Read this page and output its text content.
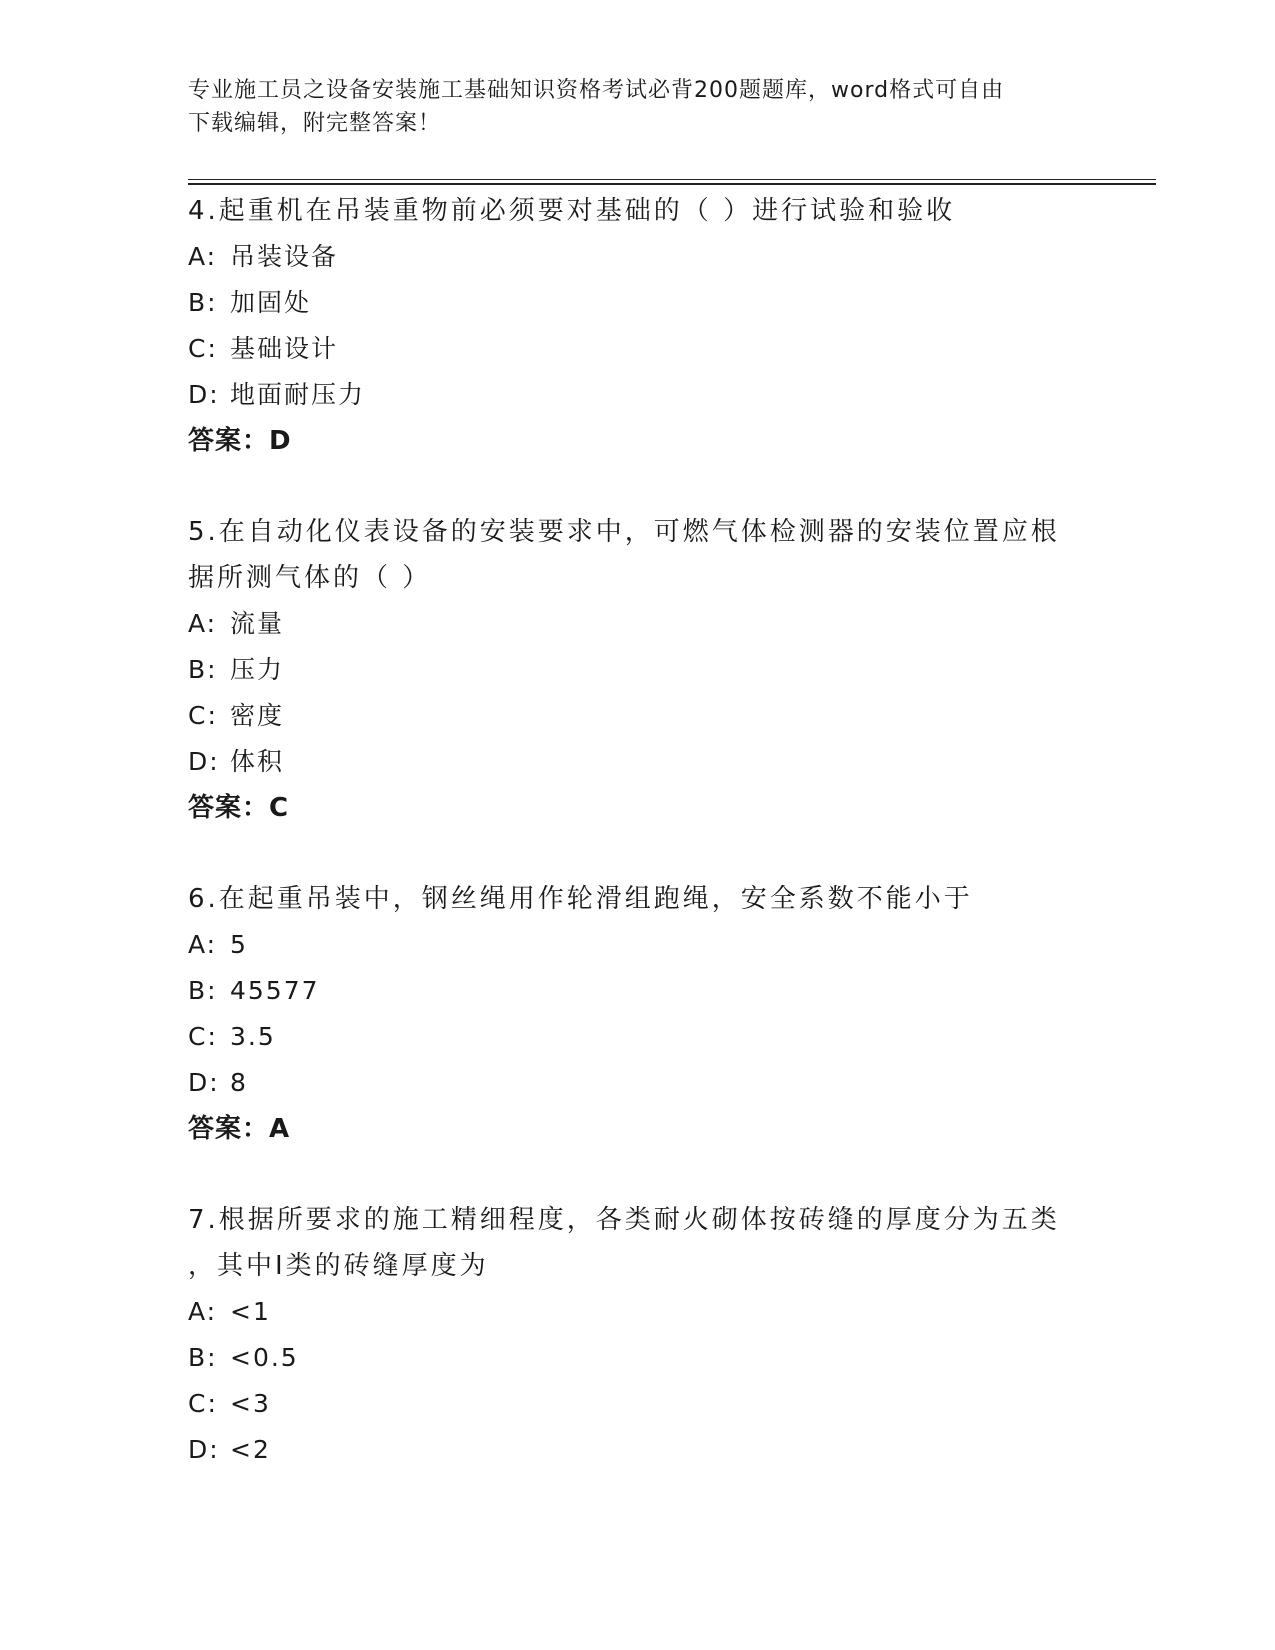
专业施工员之设备安装施工基础知识资格考试必背200题题库，word格式可自由
下载编辑，附完整答案！

4.起重机在吊装重物前必须要对基础的（ ）进行试验和验收

A: 吊装设备

B: 加固处

C: 基础设计

D: 地面耐压力

答案：D

5.在自动化仪表设备的安装要求中，可燃气体检测器的安装位置应根

据所测气体的（ ）

A: 流量

B: 压力

C: 密度

D: 体积

答案：C

6.在起重吊装中，钢丝绳用作轮滑组跑绳，安全系数不能小于

A: 5

B: 45577

C: 3.5

D: 8

答案：A

7.根据所要求的施工精细程度，各类耐火砌体按砖缝的厚度分为五类

，其中Ⅰ类的砖缝厚度为

A: <1

B: <0.5

C: <3

D: <2
